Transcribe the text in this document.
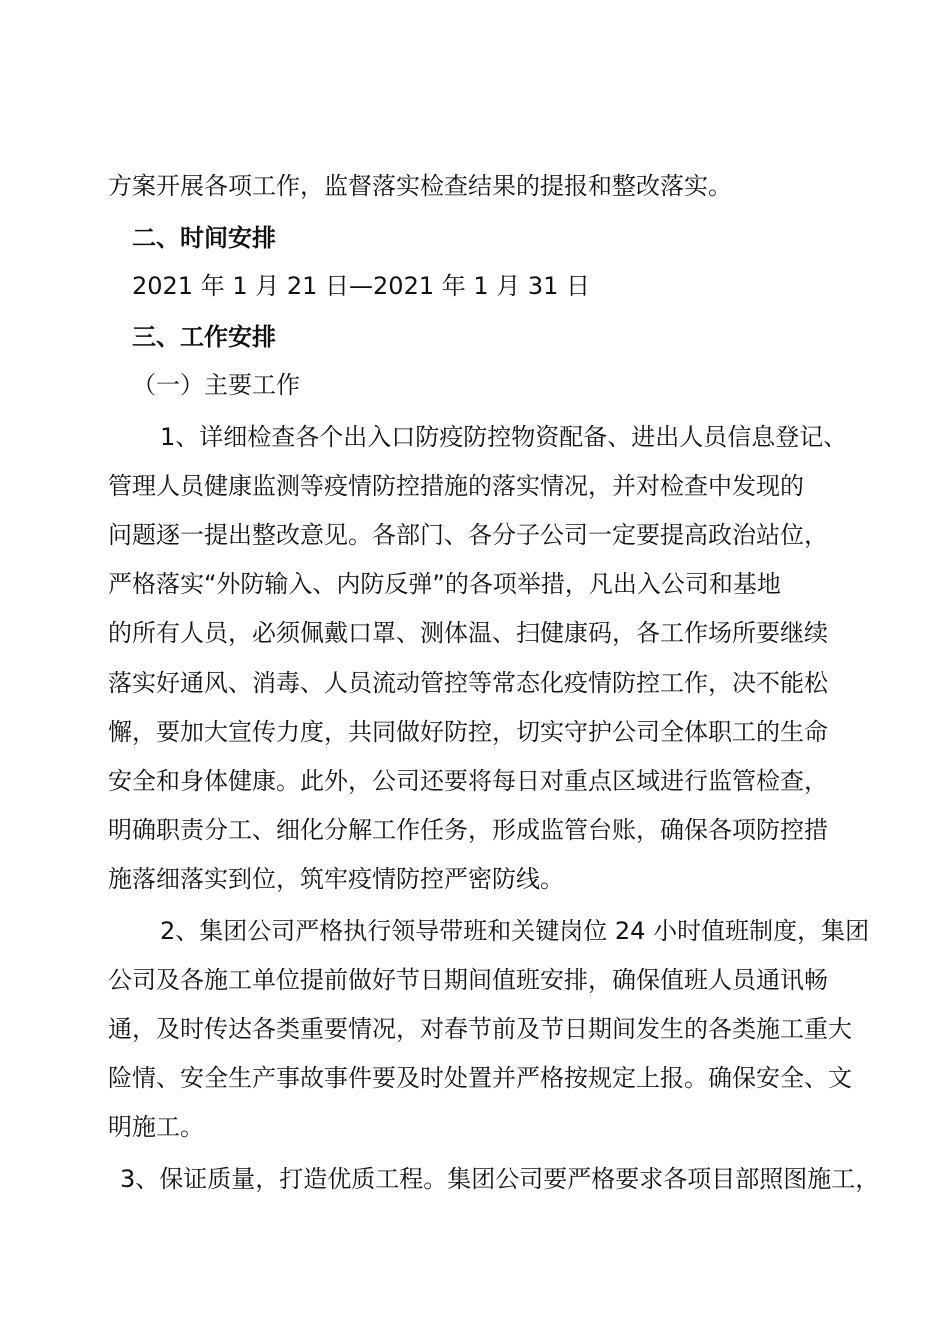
方案开展各项工作，监督落实检查结果的提报和整改落实。
二、时间安排
2021 年 1 月 21 日—2021 年 1 月 31 日
三、工作安排
（一）主要工作
1、详细检查各个出入口防疫防控物资配备、进出人员信息登记、
管理人员健康监测等疫情防控措施的落实情况，并对检查中发现的
问题逐一提出整改意见。各部门、各分子公司一定要提高政治站位，
严格落实“外防输入、内防反弹”的各项举措，凡出入公司和基地
的所有人员，必须佩戴口罩、测体温、扫健康码，各工作场所要继续
落实好通风、消毒、人员流动管控等常态化疫情防控工作，决不能松
懈，要加大宣传力度，共同做好防控，切实守护公司全体职工的生命
安全和身体健康。此外，公司还要将每日对重点区域进行监管检查，
明确职责分工、细化分解工作任务，形成监管台账，确保各项防控措
施落细落实到位，筑牢疫情防控严密防线。
2、集团公司严格执行领导带班和关键岗位 24 小时值班制度，集团
公司及各施工单位提前做好节日期间值班安排，确保值班人员通讯畅
通，及时传达各类重要情况，对春节前及节日期间发生的各类施工重大
险情、安全生产事故事件要及时处置并严格按规定上报。确保安全、文
明施工。
3、保证质量，打造优质工程。集团公司要严格要求各项目部照图施工，
